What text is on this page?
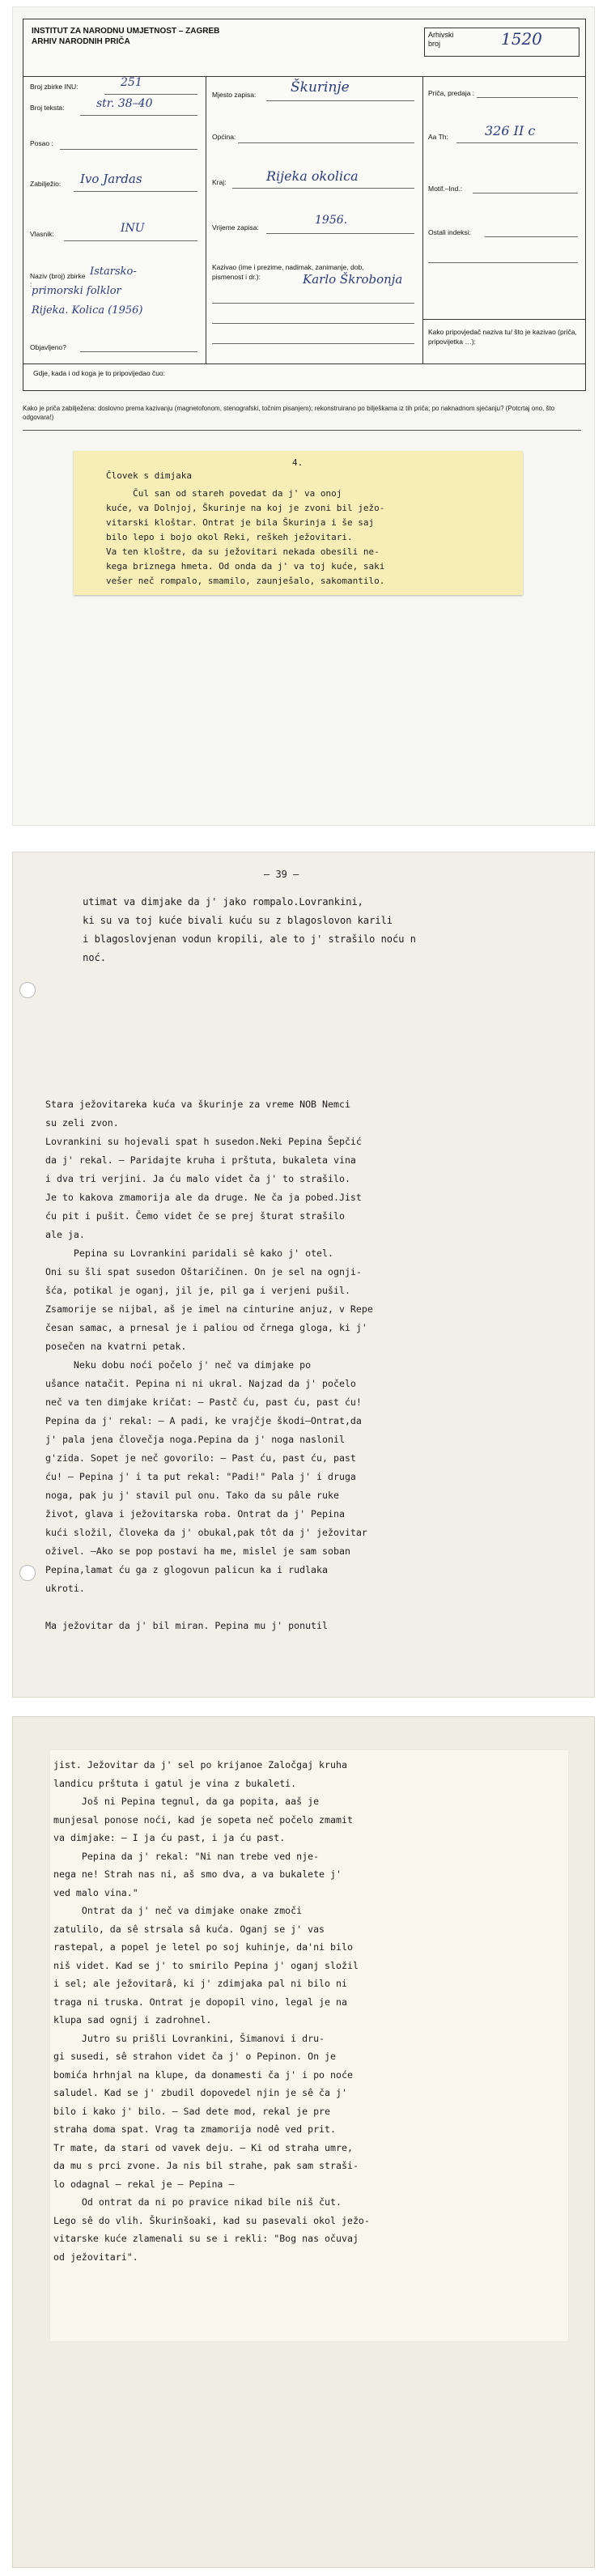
INSTITUT ZA NARODNU UMJETNOST – ZAGREB
ARHIV NARODNIH PRIČA
Arhivski broj	1520
Broj zbirke INU:	251
Broj teksta:	str. 38–40
Posao :
Zabilježio: Ivo Jardas
Vlasnik:	INU
Naziv (broj) zbirke :
Istarsko-
primorski folklor
Rijeka. Kolica (1956)
Objavljeno?
Mjesto zapisa:	Škurinje
Općina:
Kraj:	Rijeka okolica
Vrijeme zapisa:
1956.
Kazivao (ime i prezime, nadimak, zanimanje, dob, pismenost i dr.):	Karlo Škrobonja
Priča, predaja :
Aa Th:	326 II c
Motif.–Ind.:
Ostali indeksi:
Kako pripovjedač naziva tu/ što je kazivao (priča, pripovijetka …):
Gdje, kada i od koga je to pripovijedao čuo:
Kako je priča zabilježena: doslovno prema kazivanju (magnetofonom, stenografski, točnim pisanjem); rekonstruirano po bilješkama iz tih priča; po naknadnom sjećanju? (Potcrtaj ono, što odgovara!)
4.
Človek s dimjaka
Čul san od stareh povedat da j' va onoj
kuće, va Dolnjoj, Škurinje na koj je zvoni bil ježo-
vitarski kloštar. Ontrat je bila Škurinja i še saj
bilo lepo i bojo okol Reki, reškeh ježovitari.
Va ten kloštre, da su ježovitari nekada obesili ne-
kega briznega hmeta. Od onda da j' va toj kuće, saki
vešer neč rompalo, smamilo, zaunješalo, sakomantilo.
– 39 –
utimat va dimjake da j' jako rompalo.Lovrankini,
ki su va toj kuće bivali kuću su z blagoslovon karili
i blagoslovjenan vodun kropili, ale to j' strašilo noću n
noć.
Stara ježovitareka kuća va škurinje za vreme NOB Nemci
su zeli zvon.
Lovrankini su hojevali spat h susedon.Neki Pepina Šepčić
da j' rekal. – Paridajte kruha i prštuta, bukaleta vina
i dva tri verjini. Ja ću malo videt ča j' to strašilo.
Je to kakova zmamorija ale da druge. Ne ča ja pobed.Jist
ću pit i pušit. Čemo videt če se prej šturat strašilo
ale ja.
Pepina su Lovrankini paridali sê kako j' otel.
Oni su šli spat susedon Oštaričinen. On je sel na ognji-
šća, potikal je oganj, jil je, pil ga i verjeni pušil.
Zsamorije se nijbal, aš je imel na cinturine anjuz, v Repe
česan samac, a prnesal je i paliou od črnega gloga, ki j'
posečen na kvatrni petak.
Neku dobu noći počelo j' neč va dimjake po
ušance natačit. Pepina ni ni ukral. Najzad da j' počelo
neč va ten dimjake kričat: – Pastč ću, past ću, past ću!
Pepina da j' rekal: – A padi, ke vrajčje škodi–Ontrat,da
j' pala jena človečja noga.Pepina da j' noga naslonil
g'zida. Sopet je neč govorilo: – Past ću, past ću, past
ću! – Pepina j' i ta put rekal: "Padi!" Pala j' i druga
noga, pak ju j' stavil pul onu. Tako da su pâle ruke
život, glava i ježovitarska roba. Ontrat da j' Pepina
kući složil, človeka da j' obukal,pak tôt da j' ježovitar
oživel. –Ako se pop postavi ha me, mislel je sam soban
Pepina,lamat ću ga z glogovun palicun ka i rudlaka
ukroti.

Ma ježovitar da j' bil miran. Pepina mu j' ponutil
jist. Ježovitar da j' sel po krijanoe Zaločgaj kruha
landicu prštuta i gatul je vina z bukaleti.
Još ni Pepina tegnul, da ga popita, aaš je
munjesal ponose noći, kad je sopeta neč počelo zmamit
va dimjake: – I ja ću past, i ja ću past.
Pepina da j' rekal: "Ni nan trebe ved nje-
nega ne! Strah nas ni, aš smo dva, a va bukalete j'
ved malo vina."
Ontrat da j' neč va dimjake onake zmoči
zatulilo, da sê strsala sâ kuća. Oganj se j' vas
rastepal, a popel je letel po soj kuhinje, da'ni bilo
niš videt. Kad se j' to smirilo Pepina j' oganj složil
i sel; ale ježovitarâ, ki j' zdimjaka pal ni bilo ni
traga ni truska. Ontrat je dopopil vino, legal je na
klupa sad ognij i zadrohnel.
Jutro su prišli Lovrankini, Šimanovi i dru-
gi susedi, sê strahon videt ča j' o Pepinon. On je
bomića hrhnjal na klupe, da donamesti ča j' i po noće
saludel. Kad se j' zbudil dopovedel njin je sê ča j'
bilo i kako j' bilo. – Sad dete mod, rekal je pre
straha doma spat. Vrag ta zmamorija nodê ved prit.
Tr mate, da stari od vavek deju. – Ki od straha umre,
da mu s prci zvone. Ja nis bil strahe, pak sam straši-
lo odagnal – rekal je – Pepina –
Od ontrat da ni po pravice nikad bile niš čut.
Lego sê do vlih. Škurinšoaki, kad su pasevali okol ježo-
vitarske kuće zlamenali su se i rekli: "Bog nas očuvaj
od ježovitari".
